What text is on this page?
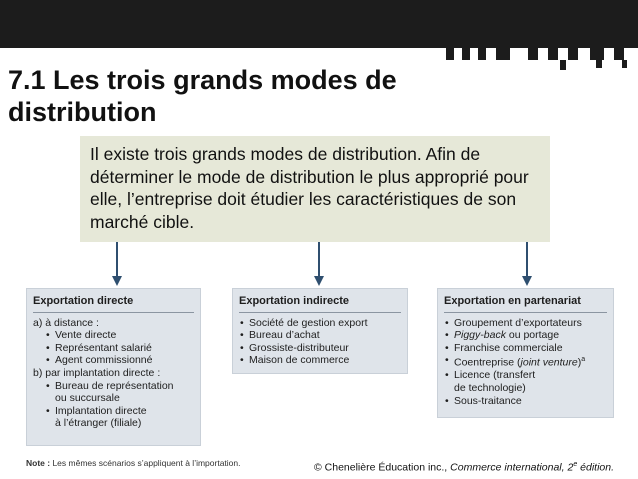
7.1 Les trois grands modes de distribution
Il existe trois grands modes de distribution. Afin de déterminer le mode de distribution le plus approprié pour elle, l’entreprise doit étudier les caractéristiques de son marché cible.
Exportation directe
a) à distance :
• Vente directe
• Représentant salarié
• Agent commissionné
b) par implantation directe :
• Bureau de représentation
ou succursale
• Implantation directe
à l’étranger (filiale)
Exportation indirecte
• Société de gestion export
• Bureau d’achat
• Grossiste-distributeur
• Maison de commerce
Exportation en partenariat
• Groupement d’exportateurs
• Piggy-back ou portage
• Franchise commerciale
• Coentreprise (joint venture)$^a$
• Licence (transfert
de technologie)
• Sous-traitance
Note : Les mêmes scénarios s’appliquent à l’importation.	© Chenelière Éducation inc., Commerce international, 2e édition.
